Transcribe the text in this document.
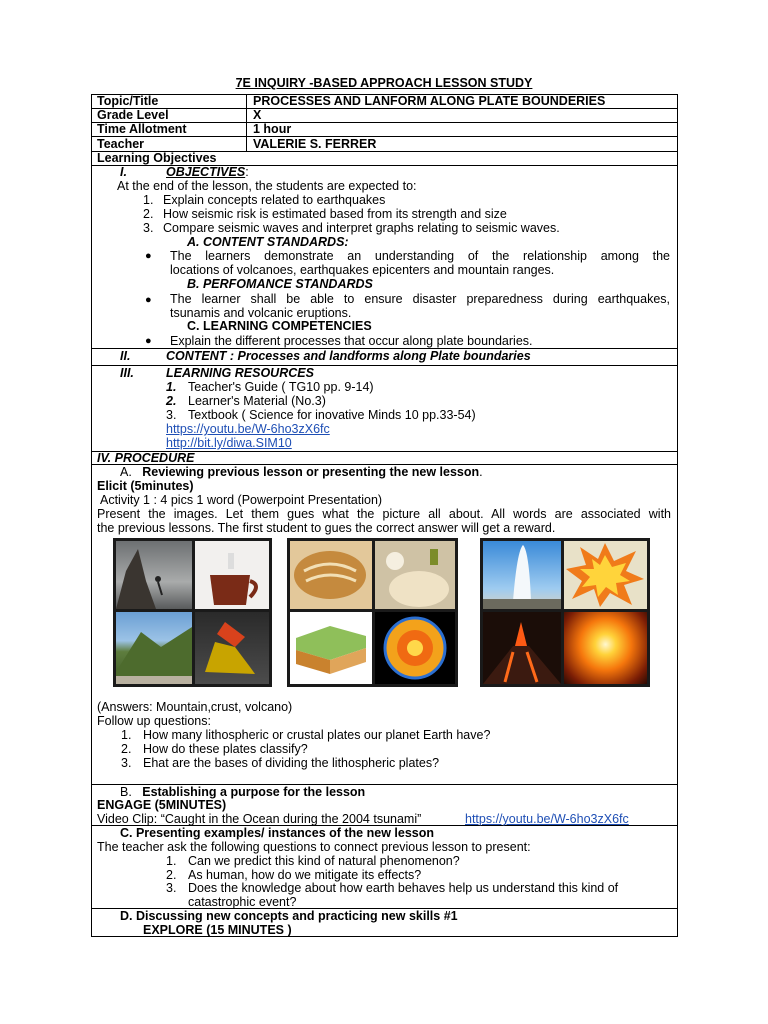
7E INQUIRY -BASED APPROACH LESSON STUDY
Topic/Title	PROCESSES AND LANFORM ALONG PLATE BOUNDERIES
Grade Level	X
Time Allotment	1 hour
Teacher	VALERIE S. FERRER
Learning Objectives
I.	OBJECTIVES:
At the end of the lesson, the students are expected to:
1. Explain concepts related to earthquakes
2. How seismic risk is estimated based from its strength and size
3. Compare seismic waves and interpret graphs relating to seismic waves.
A. CONTENT STANDARDS:
● The learners demonstrate an understanding of the relationship among the
locations of volcanoes, earthquakes epicenters and mountain ranges.
B. PERFOMANCE STANDARDS
● The learner shall be able to ensure disaster preparedness during earthquakes,
tsunamis and volcanic eruptions.
C. LEARNING COMPETENCIES
● Explain the different processes that occur along plate boundaries.
II.	CONTENT : Processes and landforms along Plate boundaries
III.	LEARNING RESOURCES
1. Teacher's Guide ( TG10 pp. 9-14)
2. Learner's Material (No.3)
3. Textbook ( Science for inovative Minds 10 pp.33-54)
https://youtu.be/W-6ho3zX6fc
http://bit.ly/diwa.SIM10
IV. PROCEDURE
A. Reviewing previous lesson or presenting the new lesson.
Elicit (5minutes)
Activity 1 : 4 pics 1 word (Powerpoint Presentation)
Present the images. Let them gues what the picture all about. All words are associated with
the previous lessons. The first student to gues the correct answer will get a reward.
(Answers: Mountain,crust, volcano)
Follow up questions:
1. How many lithospheric or crustal plates our planet Earth have?
2. How do these plates classify?
3. Ehat are the bases of dividing the lithospheric plates?
B. Establishing a purpose for the lesson
ENGAGE (5MINUTES)
Video Clip: “Caught in the Ocean during the 2004 tsunami”	https://youtu.be/W-6ho3zX6fc
C. Presenting examples/ instances of the new lesson
The teacher ask the following questions to connect previous lesson to present:
1. Can we predict this kind of natural phenomenon?
2. As human, how do we mitigate its effects?
3. Does the knowledge about how earth behaves help us understand this kind of
catastrophic event?
D. Discussing new concepts and practicing new skills #1
EXPLORE (15 MINUTES )
